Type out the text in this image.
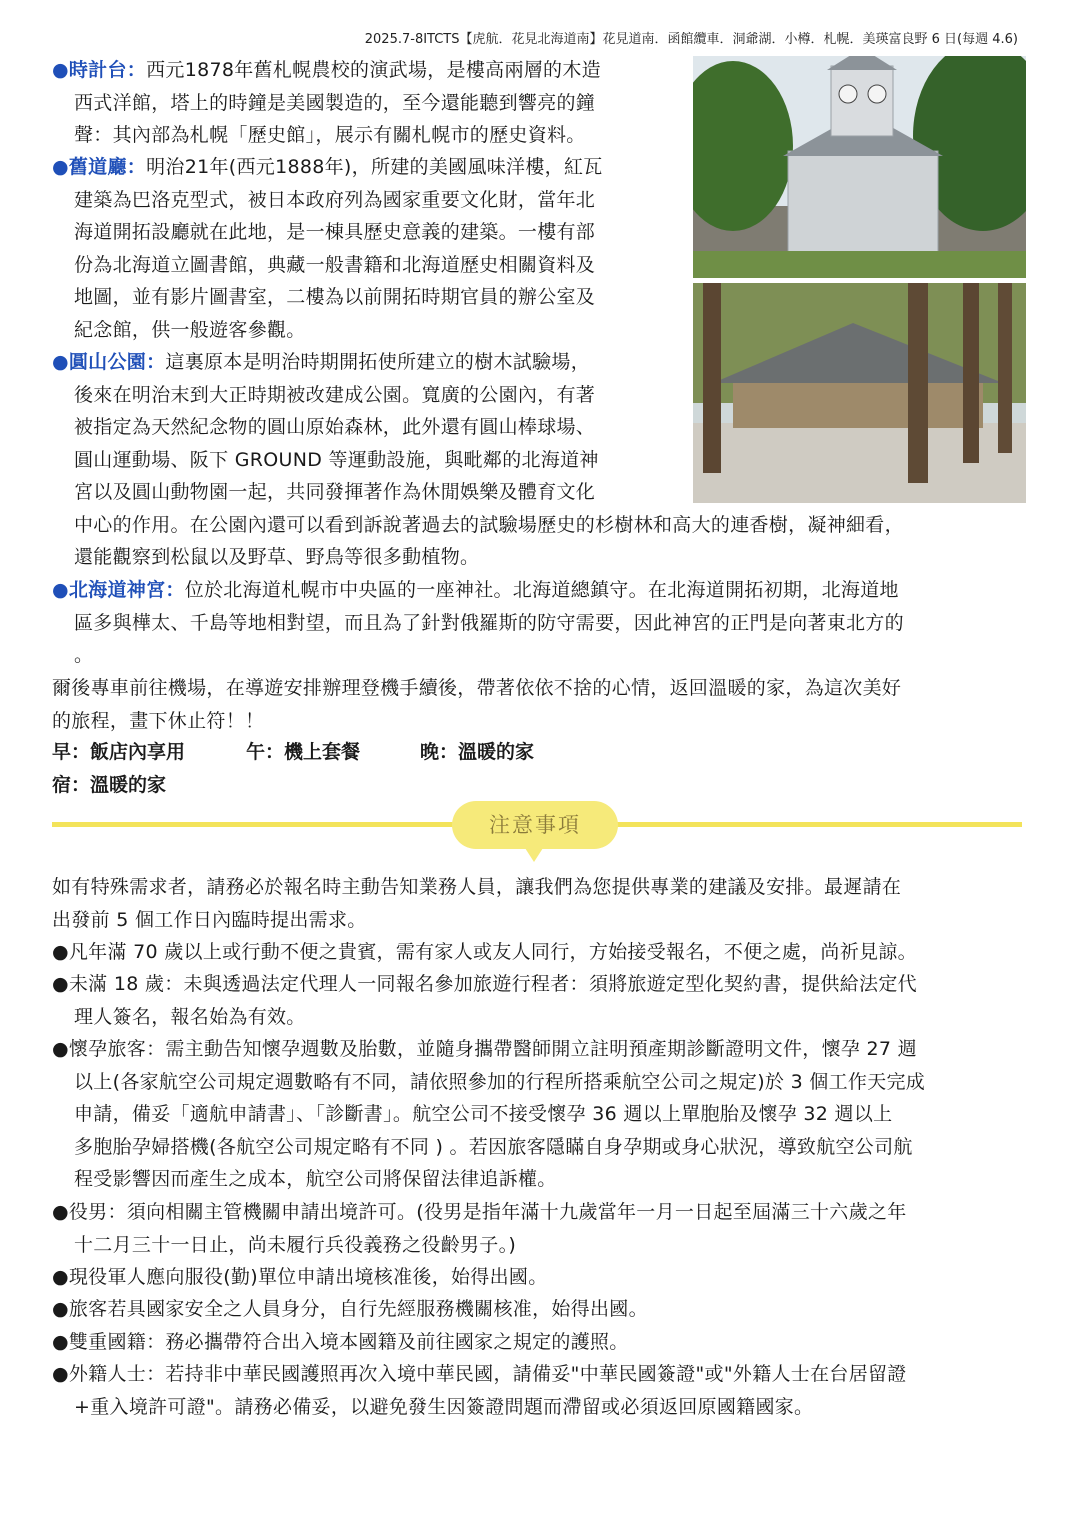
2025.7-8ITCTS【虎航．花見北海道南】花見道南．函館纜車．洞爺湖．小樽．札幌．美瑛富良野 6 日(每週 4.6)
●時計台：西元1878年舊札幌農校的演武場，是樓高兩層的木造
西式洋館，塔上的時鐘是美國製造的，至今還能聽到響亮的鐘
聲：其內部為札幌「歷史館」，展示有關札幌市的歷史資料。
●舊道廳：明治21年(西元1888年)，所建的美國風味洋樓，紅瓦
建築為巴洛克型式，被日本政府列為國家重要文化財，當年北
海道開拓設廳就在此地，是一棟具歷史意義的建築。一樓有部
份為北海道立圖書館，典藏一般書籍和北海道歷史相關資料及
地圖，並有影片圖書室，二樓為以前開拓時期官員的辦公室及
紀念館，供一般遊客參觀。
●圓山公園：這裏原本是明治時期開拓使所建立的樹木試驗場，
後來在明治末到大正時期被改建成公園。寬廣的公園內，有著
被指定為天然紀念物的圓山原始森林，此外還有圓山棒球場、
圓山運動場、阪下 GROUND 等運動設施，與毗鄰的北海道神
宮以及圓山動物園一起，共同發揮著作為休閒娛樂及體育文化
中心的作用。在公園內還可以看到訴說著過去的試驗場歷史的杉樹林和高大的連香樹，凝神細看，
還能觀察到松鼠以及野草、野鳥等很多動植物。
●北海道神宮：位於北海道札幌市中央區的一座神社。北海道總鎮守。在北海道開拓初期，北海道地
區多與樺太、千島等地相對望，而且為了針對俄羅斯的防守需要，因此神宮的正門是向著東北方的
。
爾後專車前往機場，在導遊安排辦理登機手續後，帶著依依不捨的心情，返回溫暖的家，為這次美好
的旅程，畫下休止符！！
早：飯店內享用	午：機上套餐	晚：溫暖的家
宿：溫暖的家
注意事項
如有特殊需求者，請務必於報名時主動告知業務人員，讓我們為您提供專業的建議及安排。最遲請在
出發前 5 個工作日內臨時提出需求。
●凡年滿 70 歲以上或行動不便之貴賓，需有家人或友人同行，方始接受報名，不便之處，尚祈見諒。
●未滿 18 歲：未與透過法定代理人一同報名參加旅遊行程者：須將旅遊定型化契約書，提供給法定代
理人簽名，報名始為有效。
●懷孕旅客：需主動告知懷孕週數及胎數，並隨身攜帶醫師開立註明預產期診斷證明文件，懷孕 27 週
以上(各家航空公司規定週數略有不同，請依照參加的行程所搭乘航空公司之規定)於 3 個工作天完成
申請，備妥「適航申請書」、「診斷書」。航空公司不接受懷孕 36 週以上單胞胎及懷孕 32 週以上
多胞胎孕婦搭機(各航空公司規定略有不同 ) 。若因旅客隱瞞自身孕期或身心狀況，導致航空公司航
程受影響因而產生之成本，航空公司將保留法律追訴權。
●役男：須向相關主管機關申請出境許可。(役男是指年滿十九歲當年一月一日起至屆滿三十六歲之年
十二月三十一日止，尚未履行兵役義務之役齡男子。)
●現役軍人應向服役(勤)單位申請出境核准後，始得出國。
●旅客若具國家安全之人員身分，自行先經服務機關核准，始得出國。
●雙重國籍：務必攜帶符合出入境本國籍及前往國家之規定的護照。
●外籍人士：若持非中華民國護照再次入境中華民國，請備妥"中華民國簽證"或"外籍人士在台居留證
+重入境許可證"。請務必備妥，以避免發生因簽證問題而滯留或必須返回原國籍國家。
